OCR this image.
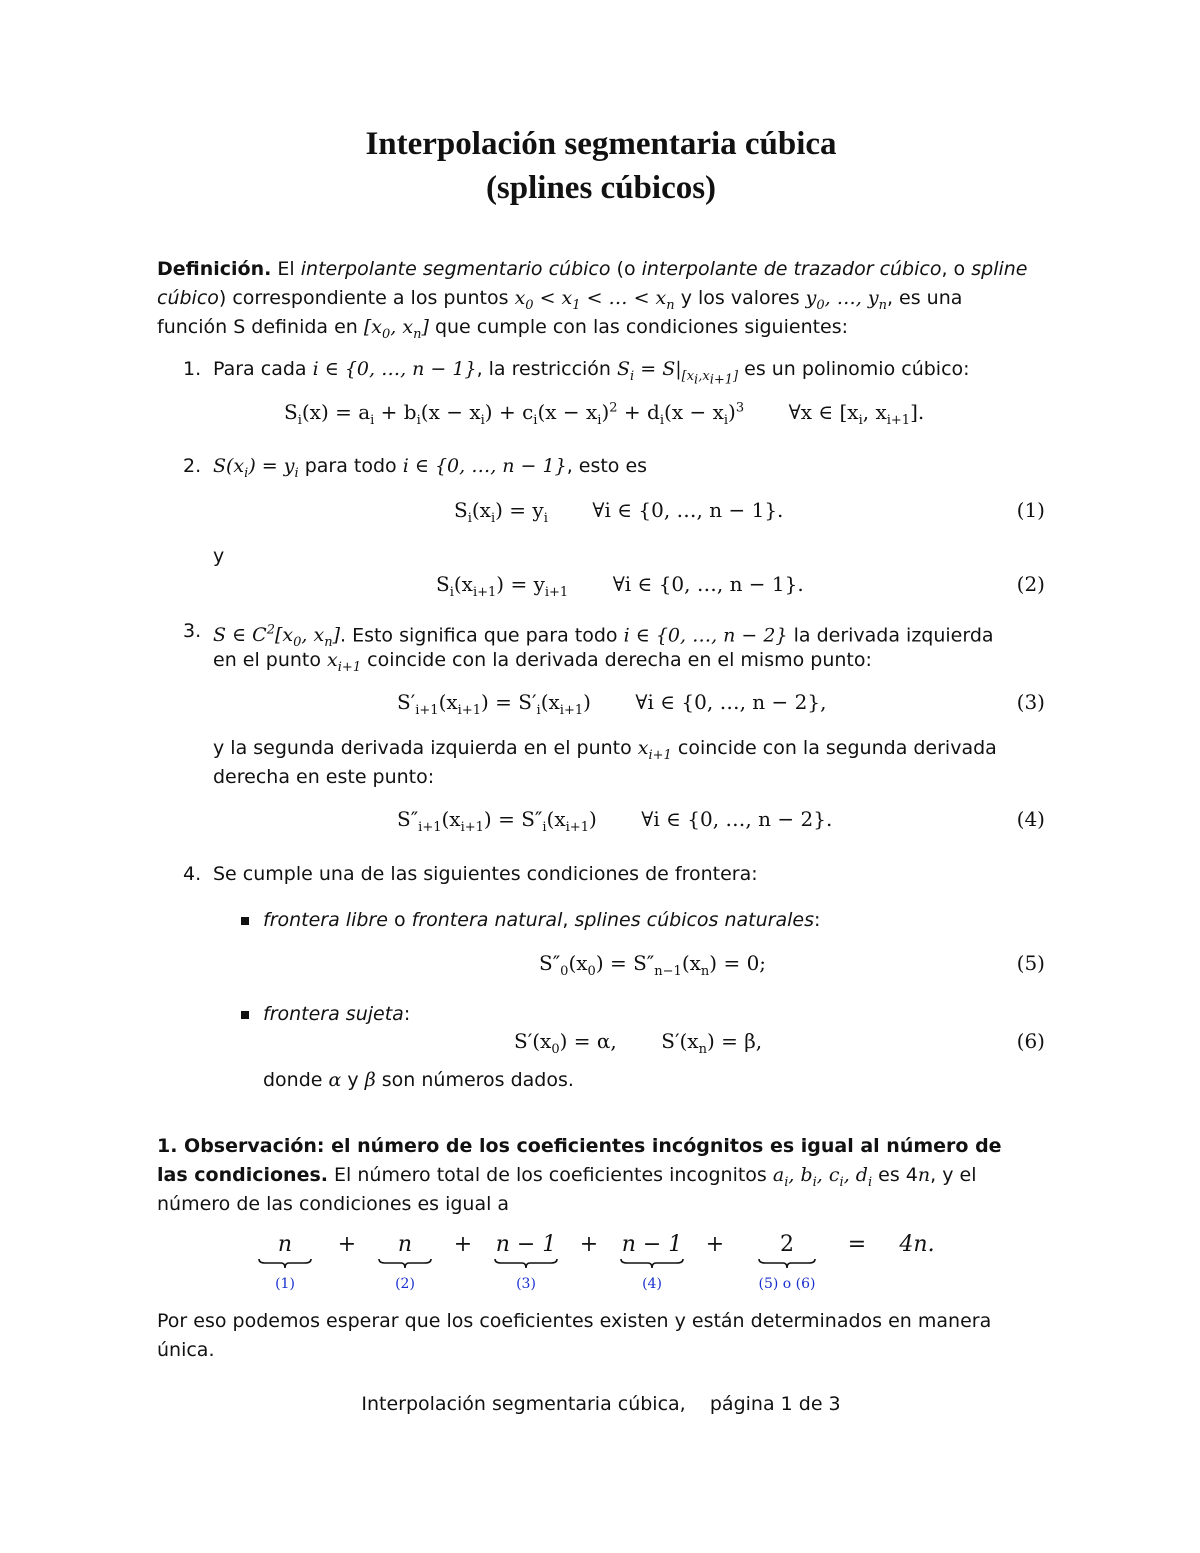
Interpolación segmentaria cúbica
(splines cúbicos)
Definición. El interpolante segmentario cúbico (o interpolante de trazador cúbico, o spline
cúbico) correspondiente a los puntos $x_0 < x_1$ < … < $x_n$ y los valores $y_0$, …, $y_n$, es una
función S definida en [$x_0$, $x_n$] que cumple con las condiciones siguientes:
1. Para cada i ∈ {0, …, n − 1}, la restricción $S_i = S|_{[x_i,x_{i+1}]}$ es un polinomio cúbico:
$S_i(x) = a_i + b_i(x - x_i) + c_i(x - x_i)^2 + d_i(x - x_i)^3$       ∀x ∈ [$x_i$, $x_{i+1}$].
2. $S(x_i) = y_i$ para todo i ∈ {0, …, n − 1}, esto es
$S_i(x_i) = y_i$       ∀i ∈ {0, …, n − 1}.	(1)
y
$S_i(x_{i+1}) = y_{i+1}$       ∀i ∈ {0, …, n − 1}.	(2)
3. S ∈ $C^2[x_0$, $x_n$]. Esto significa que para todo i ∈ {0, …, n − 2} la derivada izquierda
en el punto $x_{i+1}$ coincide con la derivada derecha en el mismo punto:
$S'_{i+1}(x_{i+1}) = S'_i(x_{i+1})$       ∀i ∈ {0, …, n − 2},	(3)
y la segunda derivada izquierda en el punto $x_{i+1}$ coincide con la segunda derivada
derecha en este punto:
$S''_{i+1}(x_{i+1}) = S''_i(x_{i+1})$       ∀i ∈ {0, …, n − 2}.	(4)
4. Se cumple una de las siguientes condiciones de frontera:
frontera libre o frontera natural, splines cúbicos naturales:
$S''_0(x_0) = S''_{n-1}(x_n) = 0$;	(5)
frontera sujeta:
$S'(x_0) = \alpha$,       $S'(x_n) = \beta$,	(6)
donde α y β son números dados.
1. Observación: el número de los coeficientes incógnitos es igual al número de
las condiciones. El número total de los coeficientes incognitos $a_i$, $b_i$, $c_i$, $d_i$ es 4n, y el
número de las condiciones es igual a
n
(1)
+	n
(2)
+ n − 1
(3)
+ n − 1
(4)
+	2
(5) o (6)
=	4n.
Por eso podemos esperar que los coeficientes existen y están determinados en manera
única.
Interpolación segmentaria cúbica,    página 1 de 3
